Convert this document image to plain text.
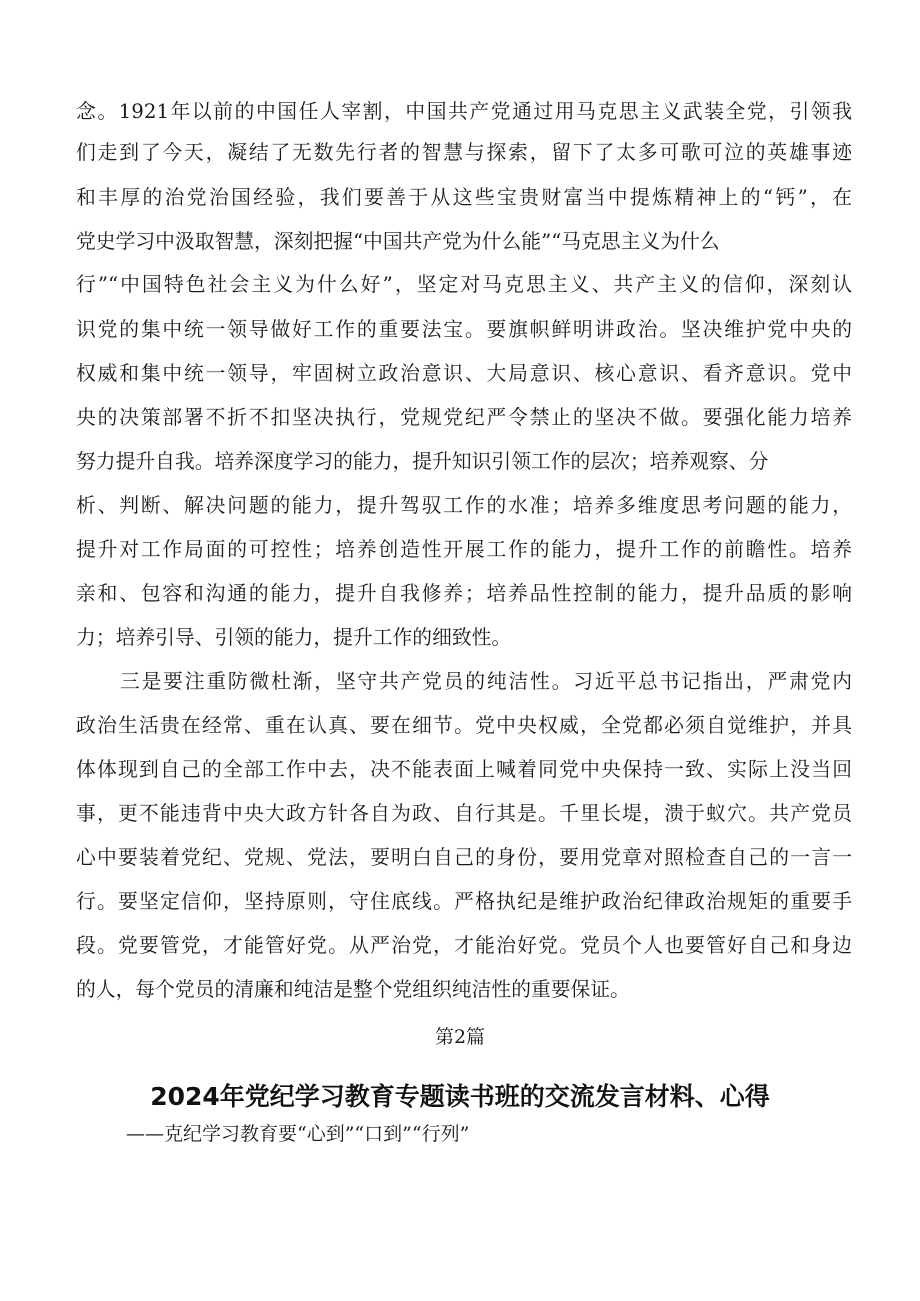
念。1921年以前的中国任人宰割，中国共产党通过用马克思主义武装全党，引领我
们走到了今天，凝结了无数先行者的智慧与探索，留下了太多可歌可泣的英雄事迹
和丰厚的治党治国经验，我们要善于从这些宝贵财富当中提炼精神上的“钙”，在
党史学习中汲取智慧，深刻把握“中国共产党为什么能”“马克思主义为什么
行”“中国特色社会主义为什么好”，坚定对马克思主义、共产主义的信仰，深刻认
识党的集中统一领导做好工作的重要法宝。要旗帜鲜明讲政治。坚决维护党中央的
权威和集中统一领导，牢固树立政治意识、大局意识、核心意识、看齐意识。党中
央的决策部署不折不扣坚决执行，党规党纪严令禁止的坚决不做。要强化能力培养
努力提升自我。培养深度学习的能力，提升知识引领工作的层次；培养观察、分
析、判断、解决问题的能力，提升驾驭工作的水准；培养多维度思考问题的能力，
提升对工作局面的可控性；培养创造性开展工作的能力，提升工作的前瞻性。培养
亲和、包容和沟通的能力，提升自我修养；培养品性控制的能力，提升品质的影响
力；培养引导、引领的能力，提升工作的细致性。
三是要注重防微杜渐，坚守共产党员的纯洁性。习近平总书记指出，严肃党内
政治生活贵在经常、重在认真、要在细节。党中央权威，全党都必须自觉维护，并具
体体现到自己的全部工作中去，决不能表面上喊着同党中央保持一致、实际上没当回
事，更不能违背中央大政方针各自为政、自行其是。千里长堤，溃于蚁穴。共产党员
心中要装着党纪、党规、党法，要明白自己的身份，要用党章对照检查自己的一言一
行。要坚定信仰，坚持原则，守住底线。严格执纪是维护政治纪律政治规矩的重要手
段。党要管党，才能管好党。从严治党，才能治好党。党员个人也要管好自己和身边
的人，每个党员的清廉和纯洁是整个党组织纯洁性的重要保证。
第2篇
2024年党纪学习教育专题读书班的交流发言材料、心得
——克纪学习教育要“心到”“口到”“行列”
